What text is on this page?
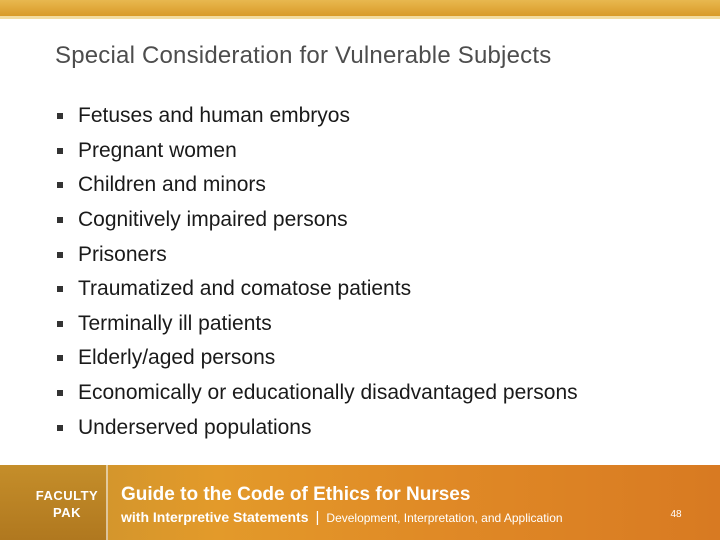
Special Consideration for Vulnerable Subjects
Fetuses and human embryos
Pregnant women
Children and minors
Cognitively impaired persons
Prisoners
Traumatized and comatose patients
Terminally ill patients
Elderly/aged persons
Economically or educationally disadvantaged persons
Underserved populations
FACULTY
PAK
Guide to the Code of Ethics for Nurses
with Interpretive Statements | Development, Interpretation, and Application	48
